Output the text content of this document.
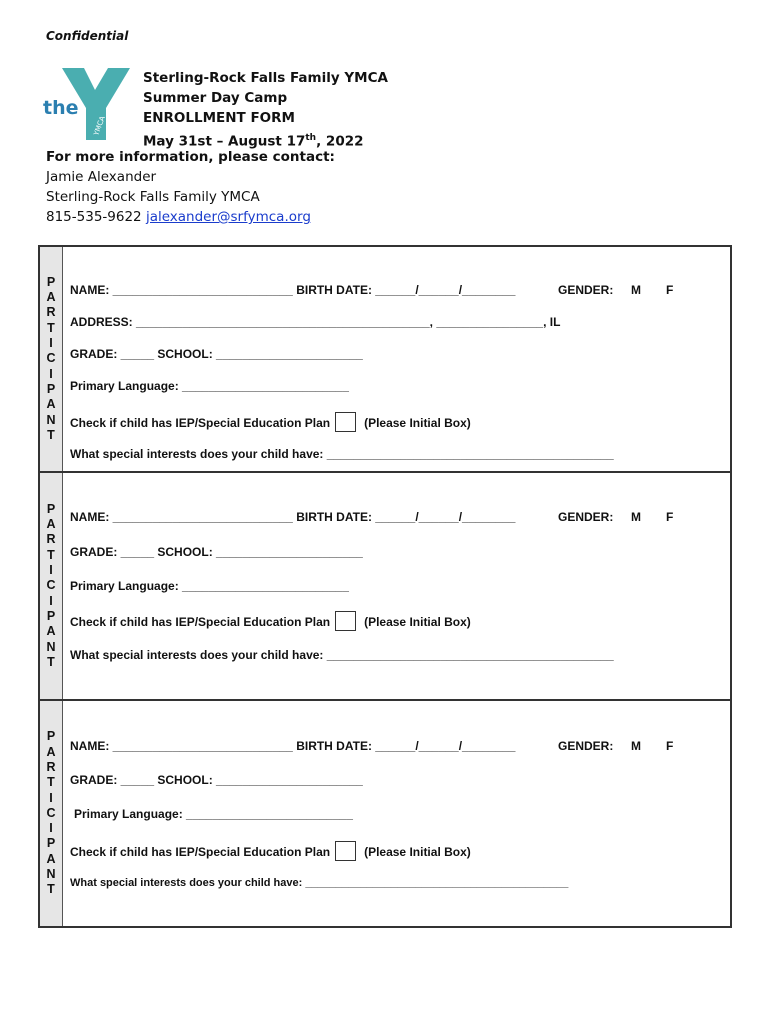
Confidential
the
YMCA
Sterling-Rock Falls Family YMCA
Summer Day Camp
ENROLLMENT FORM
May 31st – August 17th, 2022
For more information, please contact:
Jamie Alexander
Sterling-Rock Falls Family YMCA
815-535-9622 jalexander@srfymca.org
P
A
R
T
I
C
I
P
A
N
T
NAME: ___________________________ BIRTH DATE: ______/______/________	GENDER: M F
ADDRESS: ____________________________________________, ________________, IL
GRADE: _____ SCHOOL: ______________________
Primary Language: _________________________
Check if child has IEP/Special Education Plan	(Please Initial Box)
What special interests does your child have: ___________________________________________
P
A
R
T
I
C
I
P
A
N
T
NAME: ___________________________ BIRTH DATE: ______/______/________	GENDER: M F
GRADE: _____ SCHOOL: ______________________
Primary Language: _________________________
Check if child has IEP/Special Education Plan	(Please Initial Box)
What special interests does your child have: ___________________________________________
P
A
R
T
I
C
I
P
A
N
T
NAME: ___________________________ BIRTH DATE: ______/______/________	GENDER: M F
GRADE: _____ SCHOOL: ______________________
Primary Language: _________________________
Check if child has IEP/Special Education Plan	(Please Initial Box)
What special interests does your child have: ___________________________________________
